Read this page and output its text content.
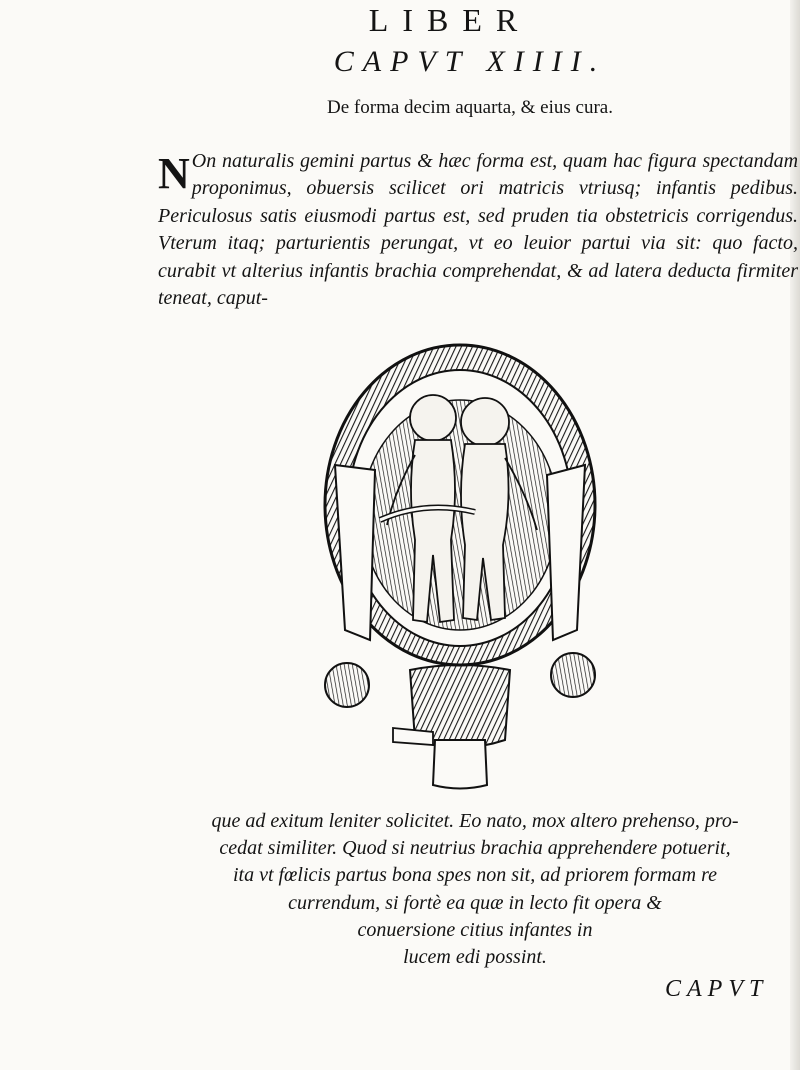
LIBER

CAPVT XIIII.

De forma decim aquarta, & eius cura.

N On naturalis gemini partus & hæc forma est, quam hac figura spectandam proponimus, obuersis scilicet ori matricis vtriusq; infantis pedibus. Periculosus satis eiusmodi partus est, sed pruden tia obstetricis corrigendus. Vterum itaq; parturientis perungat, vt eo leuior partui via sit: quo facto, curabit vt alterius infantis brachia comprehendat, & ad latera deducta firmiter teneat, caput-
que ad exitum leniter solicitet. Eo nato, mox altero prehenso, pro-
cedat similiter. Quod si neutrius brachia apprehendere potuerit,
ita vt fœlicis partus bona spes non sit, ad priorem formam re
currendum, si fortè ea quæ in lecto fit opera &
conuersione citius infantes in
lucem edi possint.

CAPVT
